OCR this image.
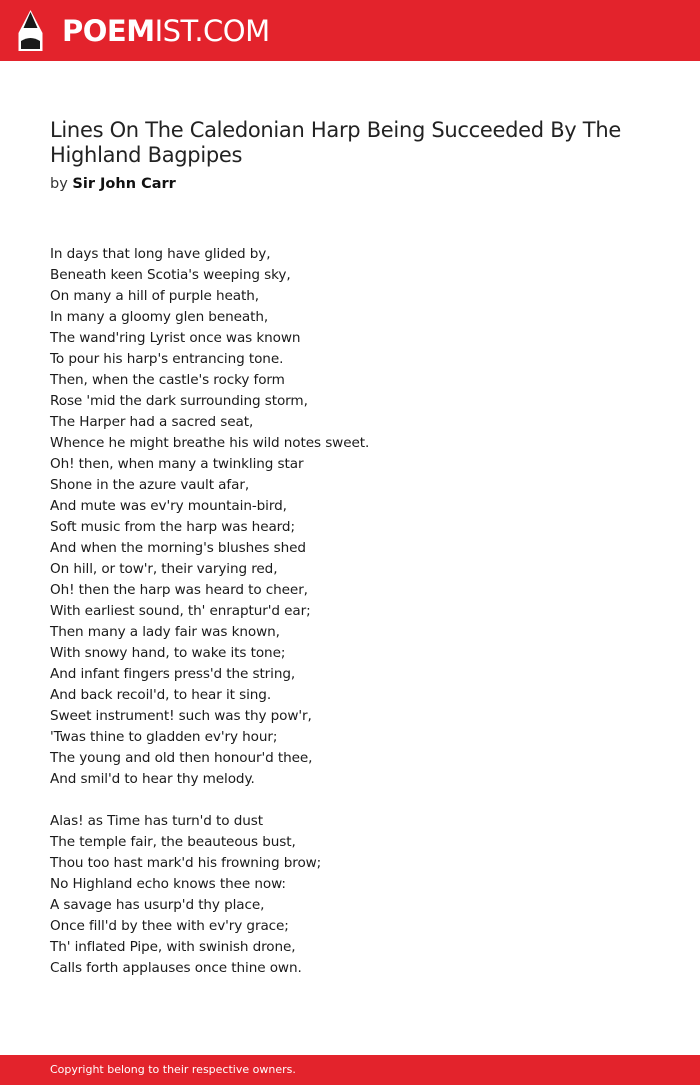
POEMIST.COM
Lines On The Caledonian Harp Being Succeeded By The Highland Bagpipes
by Sir John Carr
In days that long have glided by,
Beneath keen Scotia's weeping sky,
On many a hill of purple heath,
In many a gloomy glen beneath,
The wand'ring Lyrist once was known
To pour his harp's entrancing tone.
Then, when the castle's rocky form
Rose 'mid the dark surrounding storm,
The Harper had a sacred seat,
Whence he might breathe his wild notes sweet.
Oh! then, when many a twinkling star
Shone in the azure vault afar,
And mute was ev'ry mountain-bird,
Soft music from the harp was heard;
And when the morning's blushes shed
On hill, or tow'r, their varying red,
Oh! then the harp was heard to cheer,
With earliest sound, th' enraptur'd ear;
Then many a lady fair was known,
With snowy hand, to wake its tone;
And infant fingers press'd the string,
And back recoil'd, to hear it sing.
Sweet instrument! such was thy pow'r,
'Twas thine to gladden ev'ry hour;
The young and old then honour'd thee,
And smil'd to hear thy melody.
Alas! as Time has turn'd to dust
The temple fair, the beauteous bust,
Thou too hast mark'd his frowning brow;
No Highland echo knows thee now:
A savage has usurp'd thy place,
Once fill'd by thee with ev'ry grace;
Th' inflated Pipe, with swinish drone,
Calls forth applauses once thine own.
Copyright belong to their respective owners.
